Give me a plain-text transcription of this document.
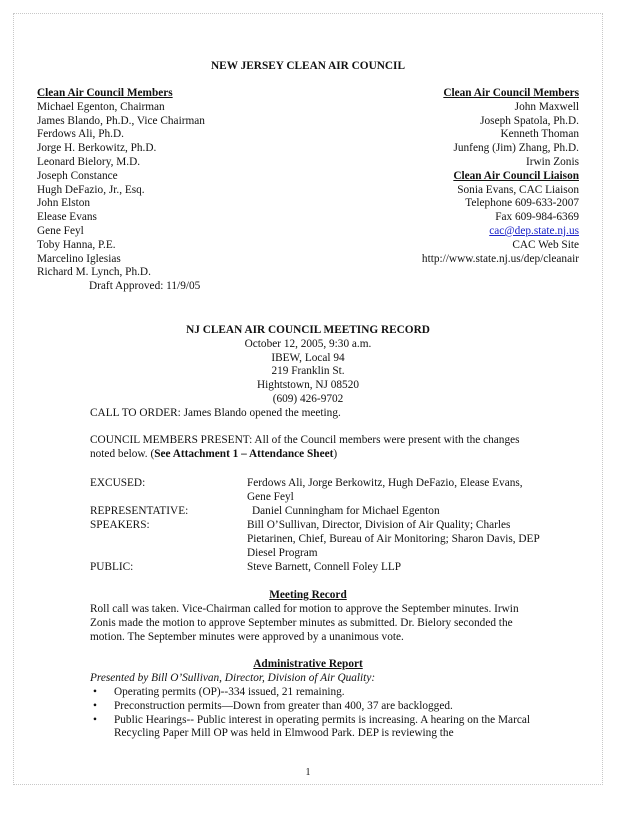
NEW JERSEY CLEAN AIR COUNCIL
Clean Air Council Members
Michael Egenton, Chairman
James Blando, Ph.D., Vice Chairman
Ferdows Ali, Ph.D.
Jorge H. Berkowitz, Ph.D.
Leonard Bielory, M.D.
Joseph Constance
Hugh DeFazio, Jr., Esq.
John Elston
Elease Evans
Gene Feyl
Toby Hanna, P.E.
Marcelino Iglesias
Richard M. Lynch, Ph.D.
Draft Approved: 11/9/05
Clean Air Council Members
John Maxwell
Joseph Spatola, Ph.D.
Kenneth Thoman
Junfeng (Jim) Zhang, Ph.D.
Irwin Zonis
Clean Air Council Liaison
Sonia Evans, CAC Liaison
Telephone 609-633-2007
Fax 609-984-6369
cac@dep.state.nj.us
CAC Web Site
http://www.state.nj.us/dep/cleanair
NJ CLEAN AIR COUNCIL MEETING RECORD
October 12, 2005, 9:30 a.m.
IBEW, Local 94
219 Franklin St.
Hightstown, NJ 08520
(609) 426-9702
CALL TO ORDER: James Blando opened the meeting.
COUNCIL MEMBERS PRESENT: All of the Council members were present with the changes noted below. (See Attachment 1 – Attendance Sheet)
EXCUSED:	Ferdows Ali, Jorge Berkowitz, Hugh DeFazio, Elease Evans, Gene Feyl
REPRESENTATIVE:	Daniel Cunningham for Michael Egenton
SPEAKERS:	Bill O’Sullivan, Director, Division of Air Quality; Charles Pietarinen, Chief, Bureau of Air Monitoring; Sharon Davis, DEP Diesel Program
PUBLIC:	Steve Barnett, Connell Foley LLP
Meeting Record
Roll call was taken. Vice-Chairman called for motion to approve the September minutes. Irwin Zonis made the motion to approve September minutes as submitted. Dr. Bielory seconded the motion. The September minutes were approved by a unanimous vote.
Administrative Report
Presented by Bill O’Sullivan, Director, Division of Air Quality:
• Operating permits (OP)--334 issued, 21 remaining.
• Preconstruction permits—Down from greater than 400, 37 are backlogged.
• Public Hearings-- Public interest in operating permits is increasing. A hearing on the Marcal Recycling Paper Mill OP was held in Elmwood Park. DEP is reviewing the
1
